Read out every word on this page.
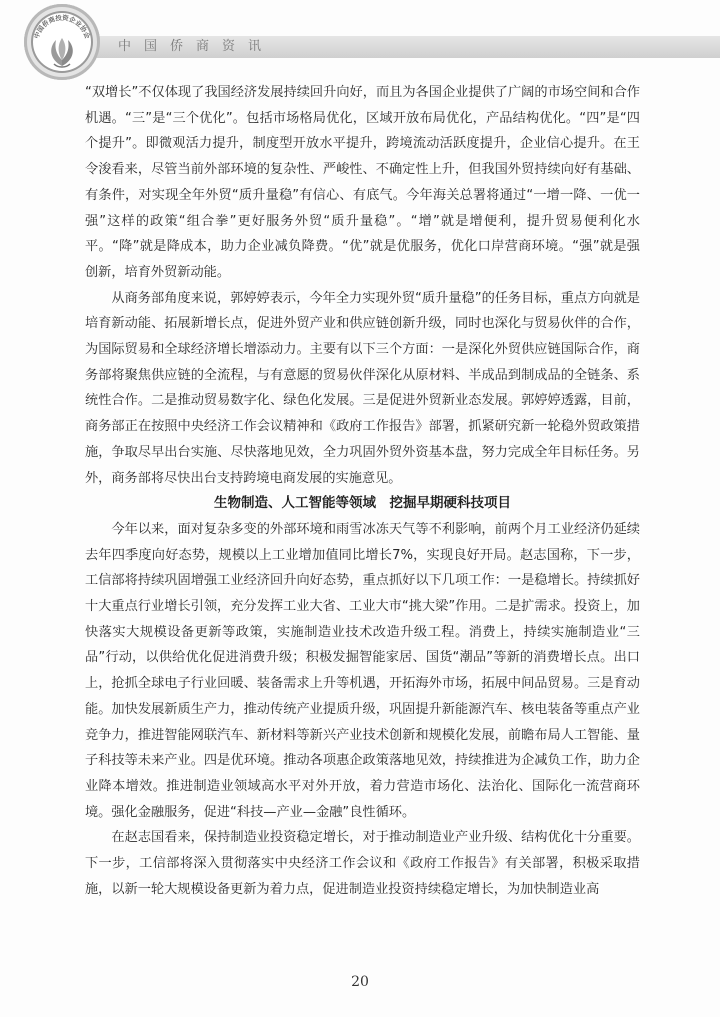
中国侨商资讯
中国侨商投资企业协会

“双增长”不仅体现了我国经济发展持续回升向好，而且为各国企业提供了广阔的市场空间和合作机遇。“三”是“三个优化”。包括市场格局优化，区域开放布局优化，产品结构优化。“四”是“四个提升”。即微观活力提升，制度型开放水平提升，跨境流动活跃度提升，企业信心提升。在王令浚看来，尽管当前外部环境的复杂性、严峻性、不确定性上升，但我国外贸持续向好有基础、有条件，对实现全年外贸“质升量稳”有信心、有底气。今年海关总署将通过“一增一降、一优一强”这样的政策“组合拳”更好服务外贸“质升量稳”。“增”就是增便利，提升贸易便利化水平。“降”就是降成本，助力企业减负降费。“优”就是优服务，优化口岸营商环境。“强”就是强创新，培育外贸新动能。

从商务部角度来说，郭婷婷表示，今年全力实现外贸“质升量稳”的任务目标，重点方向就是培育新动能、拓展新增长点，促进外贸产业和供应链创新升级，同时也深化与贸易伙伴的合作，为国际贸易和全球经济增长增添动力。主要有以下三个方面：一是深化外贸供应链国际合作，商务部将聚焦供应链的全流程，与有意愿的贸易伙伴深化从原材料、半成品到制成品的全链条、系统性合作。二是推动贸易数字化、绿色化发展。三是促进外贸新业态发展。郭婷婷透露，目前，商务部正在按照中央经济工作会议精神和《政府工作报告》部署，抓紧研究新一轮稳外贸政策措施，争取尽早出台实施、尽快落地见效，全力巩固外贸外资基本盘，努力完成全年目标任务。另外，商务部将尽快出台支持跨境电商发展的实施意见。

生物制造、人工智能等领域　挖掘早期硬科技项目

今年以来，面对复杂多变的外部环境和雨雪冰冻天气等不利影响，前两个月工业经济仍延续去年四季度向好态势，规模以上工业增加值同比增长7%，实现良好开局。赵志国称，下一步，工信部将持续巩固增强工业经济回升向好态势，重点抓好以下几项工作：一是稳增长。持续抓好十大重点行业增长引领，充分发挥工业大省、工业大市“挑大梁”作用。二是扩需求。投资上，加快落实大规模设备更新等政策，实施制造业技术改造升级工程。消费上，持续实施制造业“三品”行动，以供给优化促进消费升级；积极发掘智能家居、国货“潮品”等新的消费增长点。出口上，抢抓全球电子行业回暖、装备需求上升等机遇，开拓海外市场，拓展中间品贸易。三是育动能。加快发展新质生产力，推动传统产业提质升级，巩固提升新能源汽车、核电装备等重点产业竞争力，推进智能网联汽车、新材料等新兴产业技术创新和规模化发展，前瞻布局人工智能、量子科技等未来产业。四是优环境。推动各项惠企政策落地见效，持续推进为企减负工作，助力企业降本增效。推进制造业领域高水平对外开放，着力营造市场化、法治化、国际化一流营商环境。强化金融服务，促进“科技—产业—金融”良性循环。

在赵志国看来，保持制造业投资稳定增长，对于推动制造业产业升级、结构优化十分重要。下一步，工信部将深入贯彻落实中央经济工作会议和《政府工作报告》有关部署，积极采取措施，以新一轮大规模设备更新为着力点，促进制造业投资持续稳定增长，为加快制造业高

20
